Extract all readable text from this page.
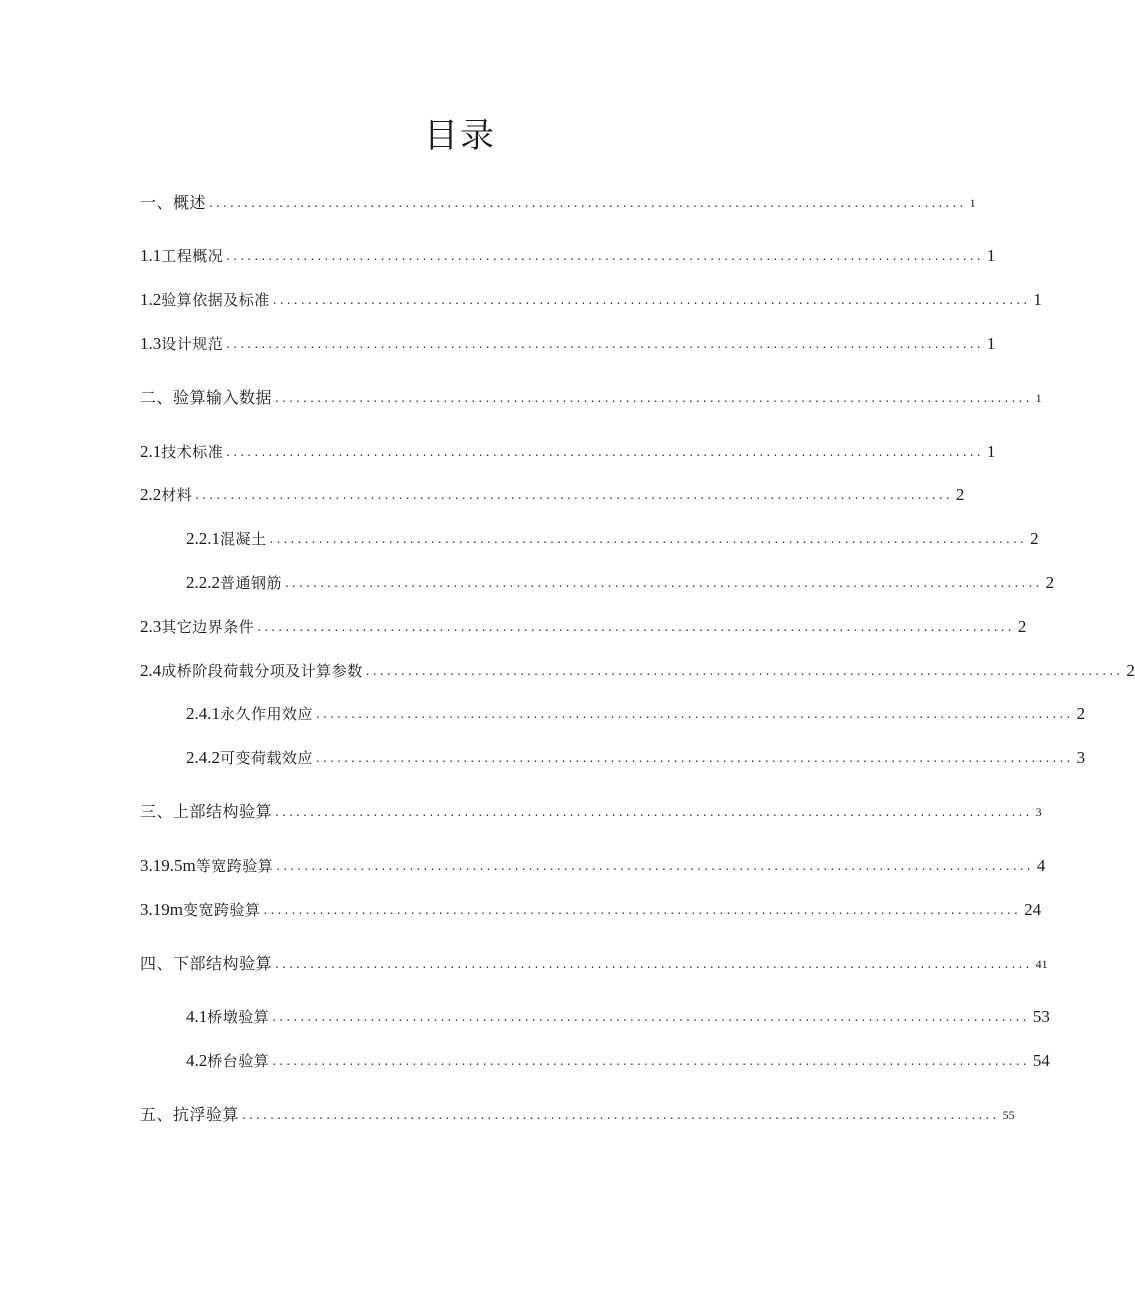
目录
一、概述 ............................................................................................................ 1
1.1 工程概况 ............................................................................................................ 1
1.2 验算依据及标准 ............................................................................................................ 1
1.3 设计规范 ............................................................................................................ 1
二、验算输入数据 ............................................................................................................ 1
2.1 技术标准 ............................................................................................................ 1
2.2 材料 ............................................................................................................ 2
2.2.1 混凝土 ............................................................................................................ 2
2.2.2 普通钢筋 ............................................................................................................ 2
2.3 其它边界条件 ............................................................................................................ 2
2.4 成桥阶段荷载分项及计算参数 ............................................................................................................ 2
2.4.1 永久作用效应 ............................................................................................................ 2
2.4.2 可变荷载效应 ............................................................................................................ 3
三、上部结构验算 ............................................................................................................ 3
3.19.5m 等宽跨验算 ............................................................................................................ 4
3.19m 变宽跨验算 ............................................................................................................ 24
四、下部结构验算 ............................................................................................................ 41
4.1 桥墩验算 ............................................................................................................ 53
4.2 桥台验算 ............................................................................................................ 54
五、抗浮验算 ............................................................................................................ 55
